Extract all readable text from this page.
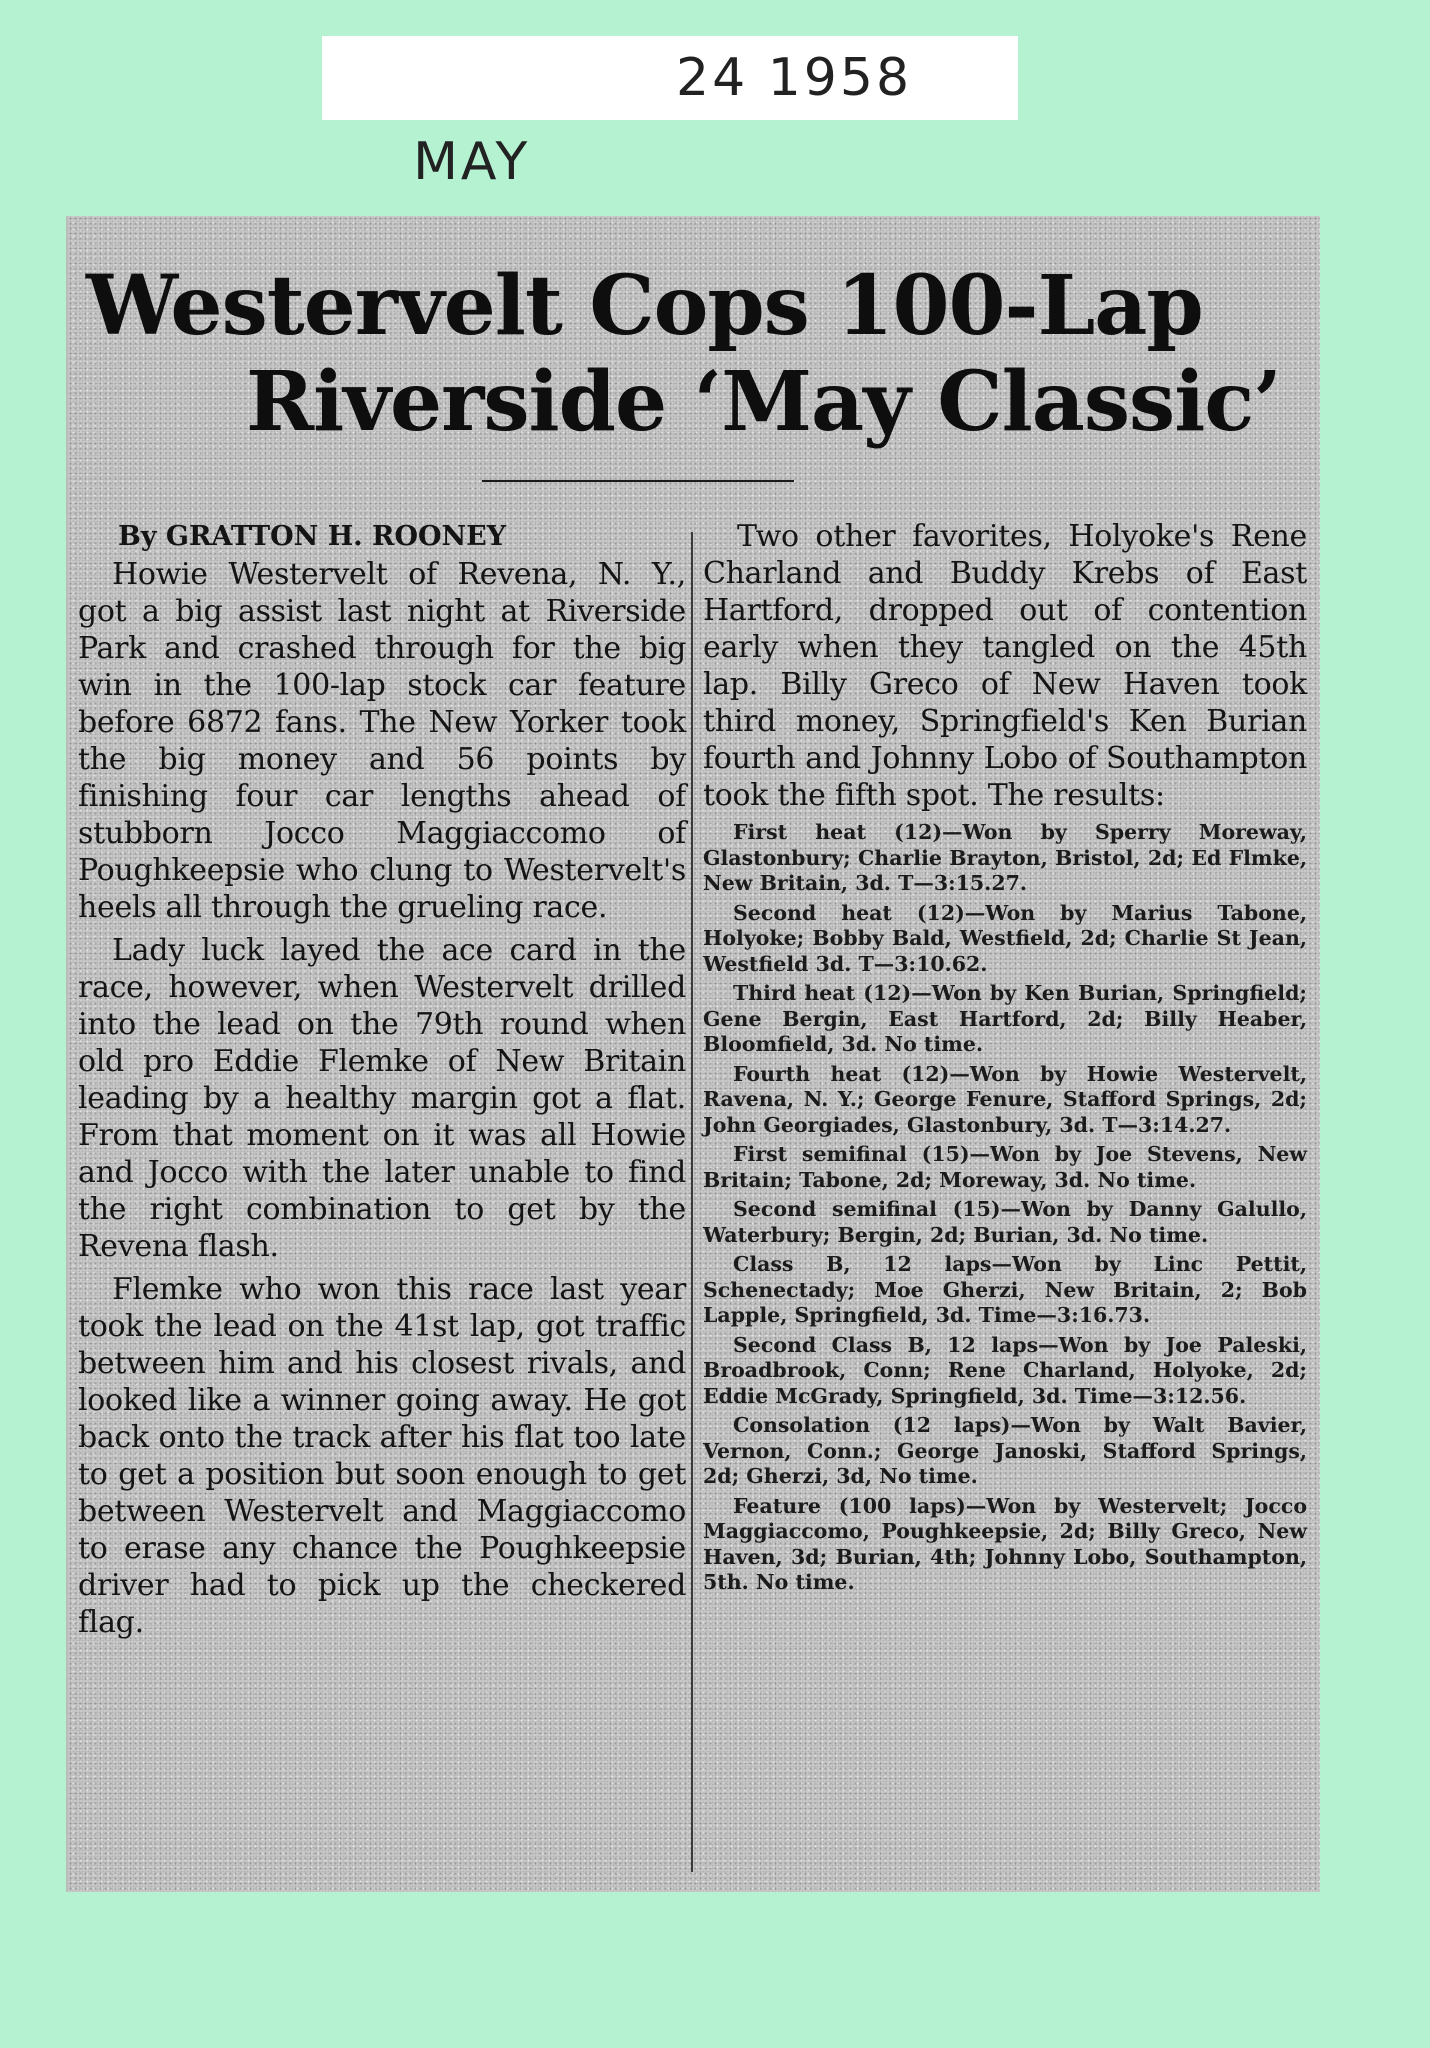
MAY

24 1958

Westervelt Cops 100-Lap
Riverside ‘May Classic’

By GRATTON H. ROONEY

Howie Westervelt of Revena, N. Y., got a big assist last night at Riverside Park and crashed through for the big win in the 100-lap stock car feature before 6872 fans. The New Yorker took the big money and 56 points by finishing four car lengths ahead of stubborn Jocco Maggiaccomo of Poughkeepsie who clung to Westervelt's heels all through the grueling race.

Lady luck layed the ace card in the race, however, when Westervelt drilled into the lead on the 79th round when old pro Eddie Flemke of New Britain leading by a healthy margin got a flat. From that moment on it was all Howie and Jocco with the later unable to find the right combination to get by the Revena flash.

Flemke who won this race last year took the lead on the 41st lap, got traffic between him and his closest rivals, and looked like a winner going away. He got back onto the track after his flat too late to get a position but soon enough to get between Westervelt and Maggiaccomo to erase any chance the Poughkeepsie driver had to pick up the checkered flag.

Two other favorites, Holyoke's Rene Charland and Buddy Krebs of East Hartford, dropped out of contention early when they tangled on the 45th lap. Billy Greco of New Haven took third money, Springfield's Ken Burian fourth and Johnny Lobo of Southampton took the fifth spot. The results:

First heat (12)—Won by Sperry Moreway, Glastonbury; Charlie Brayton, Bristol, 2d; Ed Flmke, New Britain, 3d. T—3:15.27.
Second heat (12)—Won by Marius Tabone, Holyoke; Bobby Bald, Westfield, 2d; Charlie St Jean, Westfield 3d. T—3:10.62.
Third heat (12)—Won by Ken Burian, Springfield; Gene Bergin, East Hartford, 2d; Billy Heaber, Bloomfield, 3d. No time.
Fourth heat (12)—Won by Howie Westervelt, Ravena, N. Y.; George Fenure, Stafford Springs, 2d; John Georgiades, Glastonbury, 3d. T—3:14.27.
First semifinal (15)—Won by Joe Stevens, New Britain; Tabone, 2d; Moreway, 3d. No time.
Second semifinal (15)—Won by Danny Galullo, Waterbury; Bergin, 2d; Burian, 3d. No time.
Class B, 12 laps—Won by Linc Pettit, Schenectady; Moe Gherzi, New Britain, 2; Bob Lapple, Springfield, 3d. Time—3:16.73.
Second Class B, 12 laps—Won by Joe Paleski, Broadbrook, Conn; Rene Charland, Holyoke, 2d; Eddie McGrady, Springfield, 3d. Time—3:12.56.
Consolation (12 laps)—Won by Walt Bavier, Vernon, Conn.; George Janoski, Stafford Springs, 2d; Gherzi, 3d, No time.
Feature (100 laps)—Won by Westervelt; Jocco Maggiaccomo, Poughkeepsie, 2d; Billy Greco, New Haven, 3d; Burian, 4th; Johnny Lobo, Southampton, 5th. No time.
